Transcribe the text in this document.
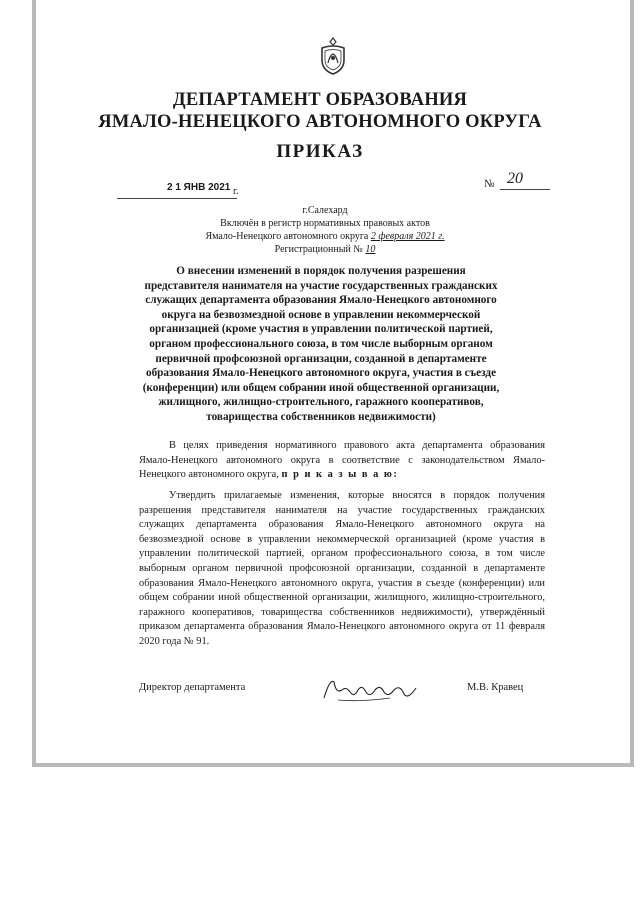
ДЕПАРТАМЕНТ ОБРАЗОВАНИЯ
ЯМАЛО-НЕНЕЦКОГО АВТОНОМНОГО ОКРУГА
ПРИКАЗ
2 1 ЯНВ 2021 г.
№ 20
г.Салехард
Включён в регистр нормативных правовых актов
Ямало-Ненецкого автономного округа 2 февраля 2021 г.
Регистрационный № 10
О внесении изменений в порядок получения разрешения представителя нанимателя на участие государственных гражданских служащих департамента образования Ямало-Ненецкого автономного округа на безвозмездной основе в управлении некоммерческой организацией (кроме участия в управлении политической партией, органом профессионального союза, в том числе выборным органом первичной профсоюзной организации, созданной в департаменте образования Ямало-Ненецкого автономного округа, участия в съезде (конференции) или общем собрании иной общественной организации, жилищного, жилищно-строительного, гаражного кооперативов, товарищества собственников недвижимости)
В целях приведения нормативного правового акта департамента образования Ямало-Ненецкого автономного округа в соответствие с законодательством Ямало-Ненецкого автономного округа, п р и к а з ы в а ю:
Утвердить прилагаемые изменения, которые вносятся в порядок получения разрешения представителя нанимателя на участие государственных гражданских служащих департамента образования Ямало-Ненецкого автономного округа на безвозмездной основе в управлении некоммерческой организацией (кроме участия в управлении политической партией, органом профессионального союза, в том числе выборным органом первичной профсоюзной организации, созданной в департаменте образования Ямало-Ненецкого автономного округа, участия в съезде (конференции) или общем собрании иной общественной организации, жилищного, жилищно-строительного, гаражного кооперативов, товарищества собственников недвижимости), утверждённый приказом департамента образования Ямало-Ненецкого автономного округа от 11 февраля 2020 года № 91.
Директор департамента	М.В. Кравец
